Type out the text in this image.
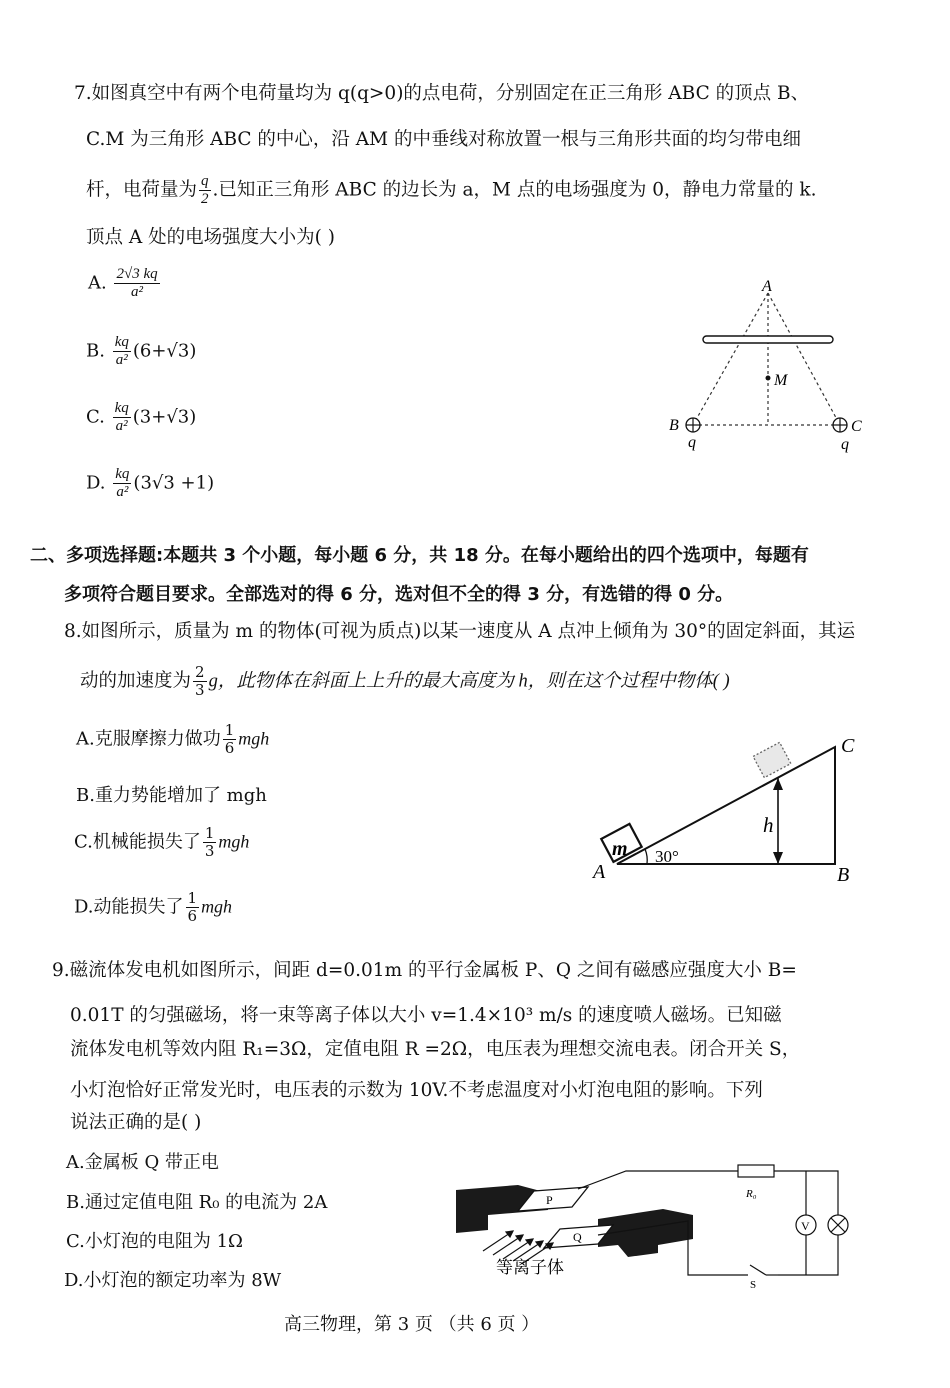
7.如图真空中有两个电荷量均为 q(q>0)的点电荷，分别固定在正三角形 ABC 的顶点 B、
C.M 为三角形 ABC 的中心，沿 AM 的中垂线对称放置一根与三角形共面的均匀带电细
杆，电荷量为 $\frac{q}{2}$ .已知正三角形 ABC 的边长为 a，M 点的电场强度为 0，静电力常量的 k.
顶点 A 处的电场强度大小为( )
A. $\frac{2√3 kq}{\text{a²}}$
B. $\frac{kq}{\text{a²}} (6+√3)$
C. $\frac{kq}{\text{a²}} (3+√3)$
D. $\frac{kq}{\text{a²}} (3√3 +1)$
A
M
B	C
q	q
二、多项选择题:本题共 3 个小题，每小题 6 分，共 18 分。在每小题给出的四个选项中，每题有
多项符合题目要求。全部选对的得 6 分，选对但不全的得 3 分，有选错的得 0 分。
8.如图所示，质量为 m 的物体(可视为质点)以某一速度从 A 点冲上倾角为 30°的固定斜面，其运
动的加速度为 $\frac{2}{3}$ g，此物体在斜面上上升的最大高度为 h，则在这个过程中物体( )
A.克服摩擦力做功 $\frac{1}{6}$ mgh
B.重力势能增加了 mgh
C.机械能损失了 $\frac{1}{3}$ mgh
D.动能损失了 $\frac{1}{6}$ mgh
m 30°
h
A	B
C
9.磁流体发电机如图所示，间距 d=0.01m 的平行金属板 P、Q 之间有磁感应强度大小 B=
0.01T 的匀强磁场，将一束等离子体以大小 v=1.4×10³ m/s 的速度喷人磁场。已知磁
流体发电机等效内阻 R₁=3Ω，定值电阻 R =2Ω，电压表为理想交流电表。闭合开关 S，
小灯泡恰好正常发光时，电压表的示数为 10V.不考虑温度对小灯泡电阻的影响。下列
说法正确的是( )
A.金属板 Q 带正电
B.通过定值电阻 R₀ 的电流为 2A
C.小灯泡的电阻为 1Ω
D.小灯泡的额定功率为 8W
P
Q
等离子体
R₀
V
S
高三物理，第 3 页 （共 6 页 ）
